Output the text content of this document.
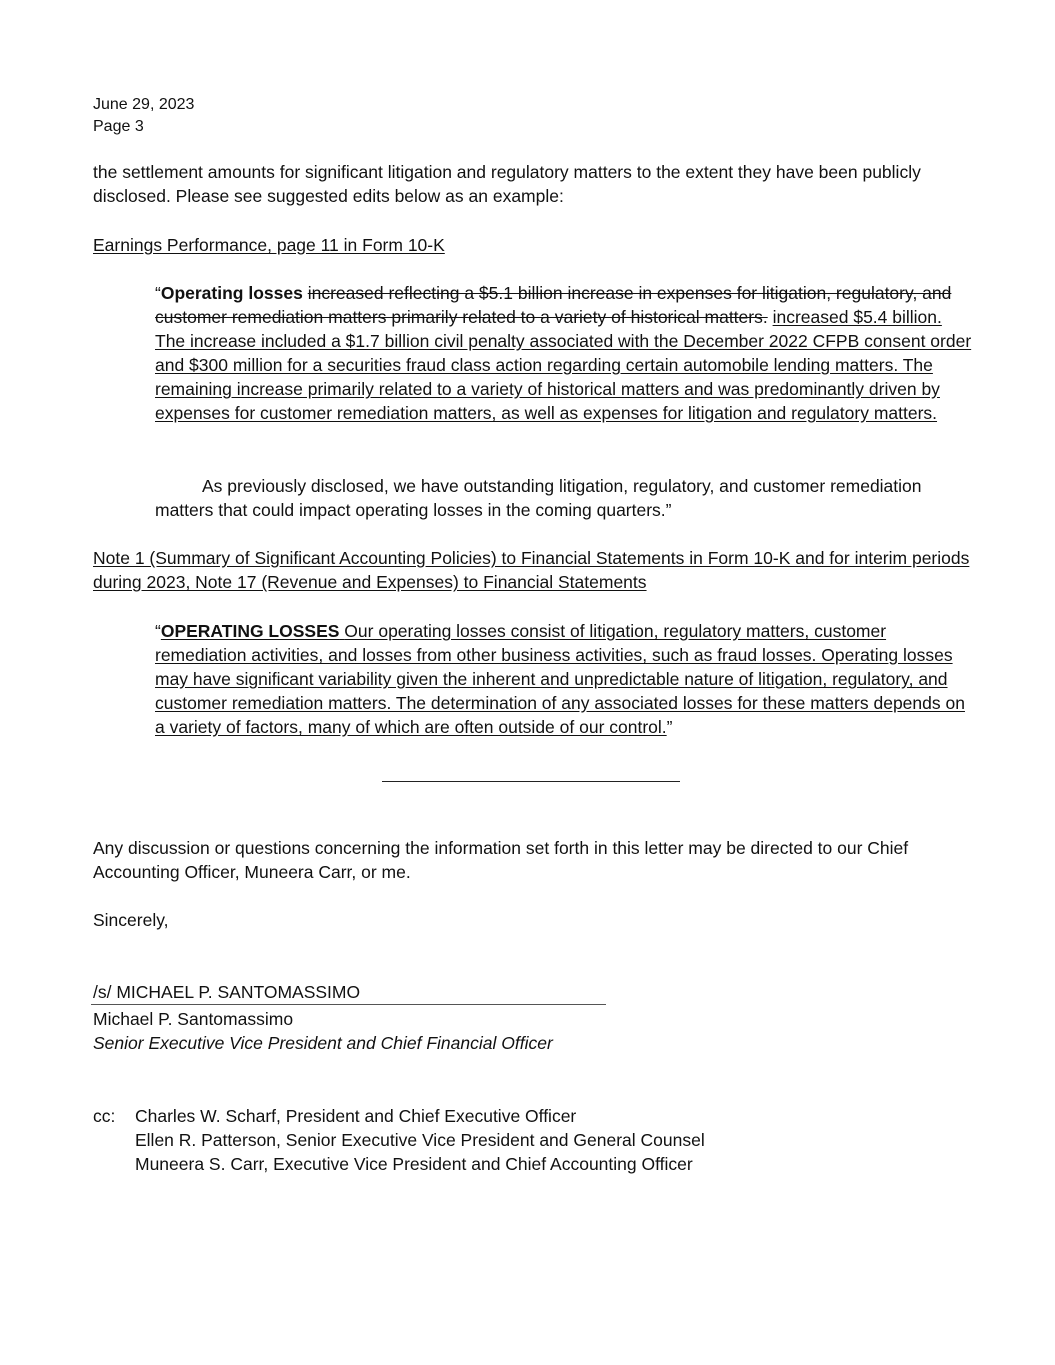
June 29, 2023
Page 3
the settlement amounts for significant litigation and regulatory matters to the extent they have been publicly disclosed. Please see suggested edits below as an example:
Earnings Performance, page 11 in Form 10-K
“Operating losses increased reflecting a $5.1 billion increase in expenses for litigation, regulatory, and customer remediation matters primarily related to a variety of historical matters. increased $5.4 billion. The increase included a $1.7 billion civil penalty associated with the December 2022 CFPB consent order and $300 million for a securities fraud class action regarding certain automobile lending matters. The remaining increase primarily related to a variety of historical matters and was predominantly driven by expenses for customer remediation matters, as well as expenses for litigation and regulatory matters.
As previously disclosed, we have outstanding litigation, regulatory, and customer remediation matters that could impact operating losses in the coming quarters.”
Note 1 (Summary of Significant Accounting Policies) to Financial Statements in Form 10-K and for interim periods during 2023, Note 17 (Revenue and Expenses) to Financial Statements
“OPERATING LOSSES Our operating losses consist of litigation, regulatory matters, customer remediation activities, and losses from other business activities, such as fraud losses. Operating losses may have significant variability given the inherent and unpredictable nature of litigation, regulatory, and customer remediation matters. The determination of any associated losses for these matters depends on a variety of factors, many of which are often outside of our control.”
Any discussion or questions concerning the information set forth in this letter may be directed to our Chief Accounting Officer, Muneera Carr, or me.
Sincerely,
/s/ MICHAEL P. SANTOMASSIMO
Michael P. Santomassimo
Senior Executive Vice President and Chief Financial Officer
cc: Charles W. Scharf, President and Chief Executive Officer
Ellen R. Patterson, Senior Executive Vice President and General Counsel
Muneera S. Carr, Executive Vice President and Chief Accounting Officer
